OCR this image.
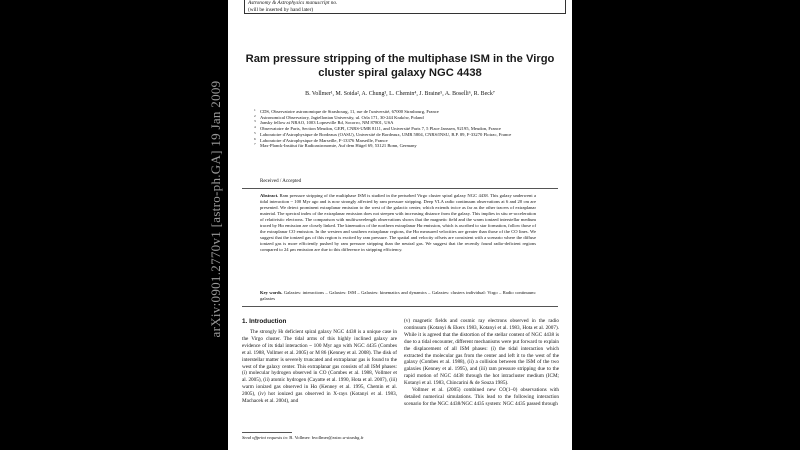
arXiv:0901.2770v1 [astro-ph.GA] 19 Jan 2009
Astronomy & Astrophysics manuscript no.
(will be inserted by hand later)
Ram pressure stripping of the multiphase ISM in the Virgo cluster spiral galaxy NGC 4438
B. Vollmer¹, M. Soida², A. Chung³, L. Chemin⁴, J. Braine⁵, A. Boselli⁶, R. Beck⁷
1 CDS, Observatoire astronomique de Strasbourg, 11, rue de l'université, 67000 Strasbourg, France
2 Astronomical Observatory, Jagiellonian University, ul. Orla 171, 30-244 Kraków, Poland
3 Jansky fellow at NRAO, 1003 Lopezville Rd, Socorro, NM 87801, USA
4 Observatoire de Paris, Section Meudon, GEPI, CNRS-UMR 8111, and Université Paris 7, 5 Place Janssen, 92195, Meudon, France
5 Laboratoire d'Astrophysique de Bordeaux (OASU), Université de Bordeaux, UMR 5804, CNRS/INSU, B.P. 89, F-33270 Floirac, France
6 Laboratoire d'Astrophysique de Marseille, F-13376 Marseille, France
7 Max-Planck-Institut für Radioastronomie, Auf dem Hügel 69, 53121 Bonn, Germany
Received / Accepted
Abstract. Ram pressure stripping of the multiphase ISM is studied in the perturbed Virgo cluster spiral galaxy NGC 4438. This galaxy underwent a tidal interaction ~ 100 Myr ago and is now strongly affected by ram pressure stripping. Deep VLA radio continuum observations at 6 and 20 cm are presented. We detect prominent extraplanar emission to the west of the galactic center, which extends twice as far as the other tracers of extraplanar material. The spectral index of the extraplanar emission does not steepen with increasing distance from the galaxy. This implies in situ re-acceleration of relativistic electrons. The comparison with multiwavelength observations shows that the magnetic field and the warm ionized interstellar medium traced by Hα emission are closely linked. The kinematics of the northern extraplanar Hα emission, which is ascribed to star formation, follow those of the extraplanar CO emission. In the western and southern extraplanar regions, the Hα measured velocities are greater than those of the CO lines. We suggest that the ionized gas of this region is excited by ram pressure. The spatial and velocity offsets are consistent with a scenario where the diffuse ionized gas is more efficiently pushed by ram pressure stripping than the neutral gas. We suggest that the recently found radio-deficient regions compared to 24 μm emission are due to this difference in stripping efficiency.
Key words. Galaxies: interactions – Galaxies: ISM – Galaxies: kinematics and dynamics – Galaxies: clusters individual: Virgo – Radio continuum: galaxies
1. Introduction

The strongly Hɪ deficient spiral galaxy NGC 4438 is a unique case in the Virgo cluster. The tidal arms of this highly inclined galaxy are evidence of its tidal interaction ~ 100 Myr ago with NGC 4435 (Combes et al. 1988, Vollmer et al. 2005) or M 86 (Kenney et al. 2008). The disk of interstellar matter is severely truncated and extraplanar gas is found to the west of the galaxy center. This extraplanar gas consists of all ISM phases: (i) molecular hydrogen observed in CO (Combes et al. 1988, Vollmer et al. 2005), (ii) atomic hydrogen (Cayatte et al. 1990, Hota et al. 2007), (iii) warm ionized gas observed in Hα (Kenney et al. 1995, Chemin et al. 2005), (iv) hot ionized gas observed in X-rays (Kotanyi et al. 1983, Machacek et al. 2004), and

(v) magnetic fields and cosmic ray electrons observed in the radio continuum (Kotanyi & Ekers 1983, Kotanyi et al. 1983, Hota et al. 2007). While it is agreed that the distortion of the stellar content of NGC 4438 is due to a tidal encounter, different mechanisms were put forward to explain the displacement of all ISM phases: (i) the tidal interaction which extracted the molecular gas from the center and left it to the west of the galaxy (Combes et al. 1988), (ii) a collision between the ISM of the two galaxies (Kenney et al. 1995), and (iii) ram pressure stripping due to the rapid motion of NGC 4438 through the hot intracluster medium (ICM; Kotanyi et al. 1983, Chincarini & de Souza 1985).

Vollmer et al. (2005) combined new CO(1–0) observations with detailed numerical simulations. This lead to the following interaction scenario for the NGC 4438/NGC 4435 system: NGC 4435 passed through

Send offprint requests to: B. Vollmer: bvollmer@astro.u-strasbg.fr
